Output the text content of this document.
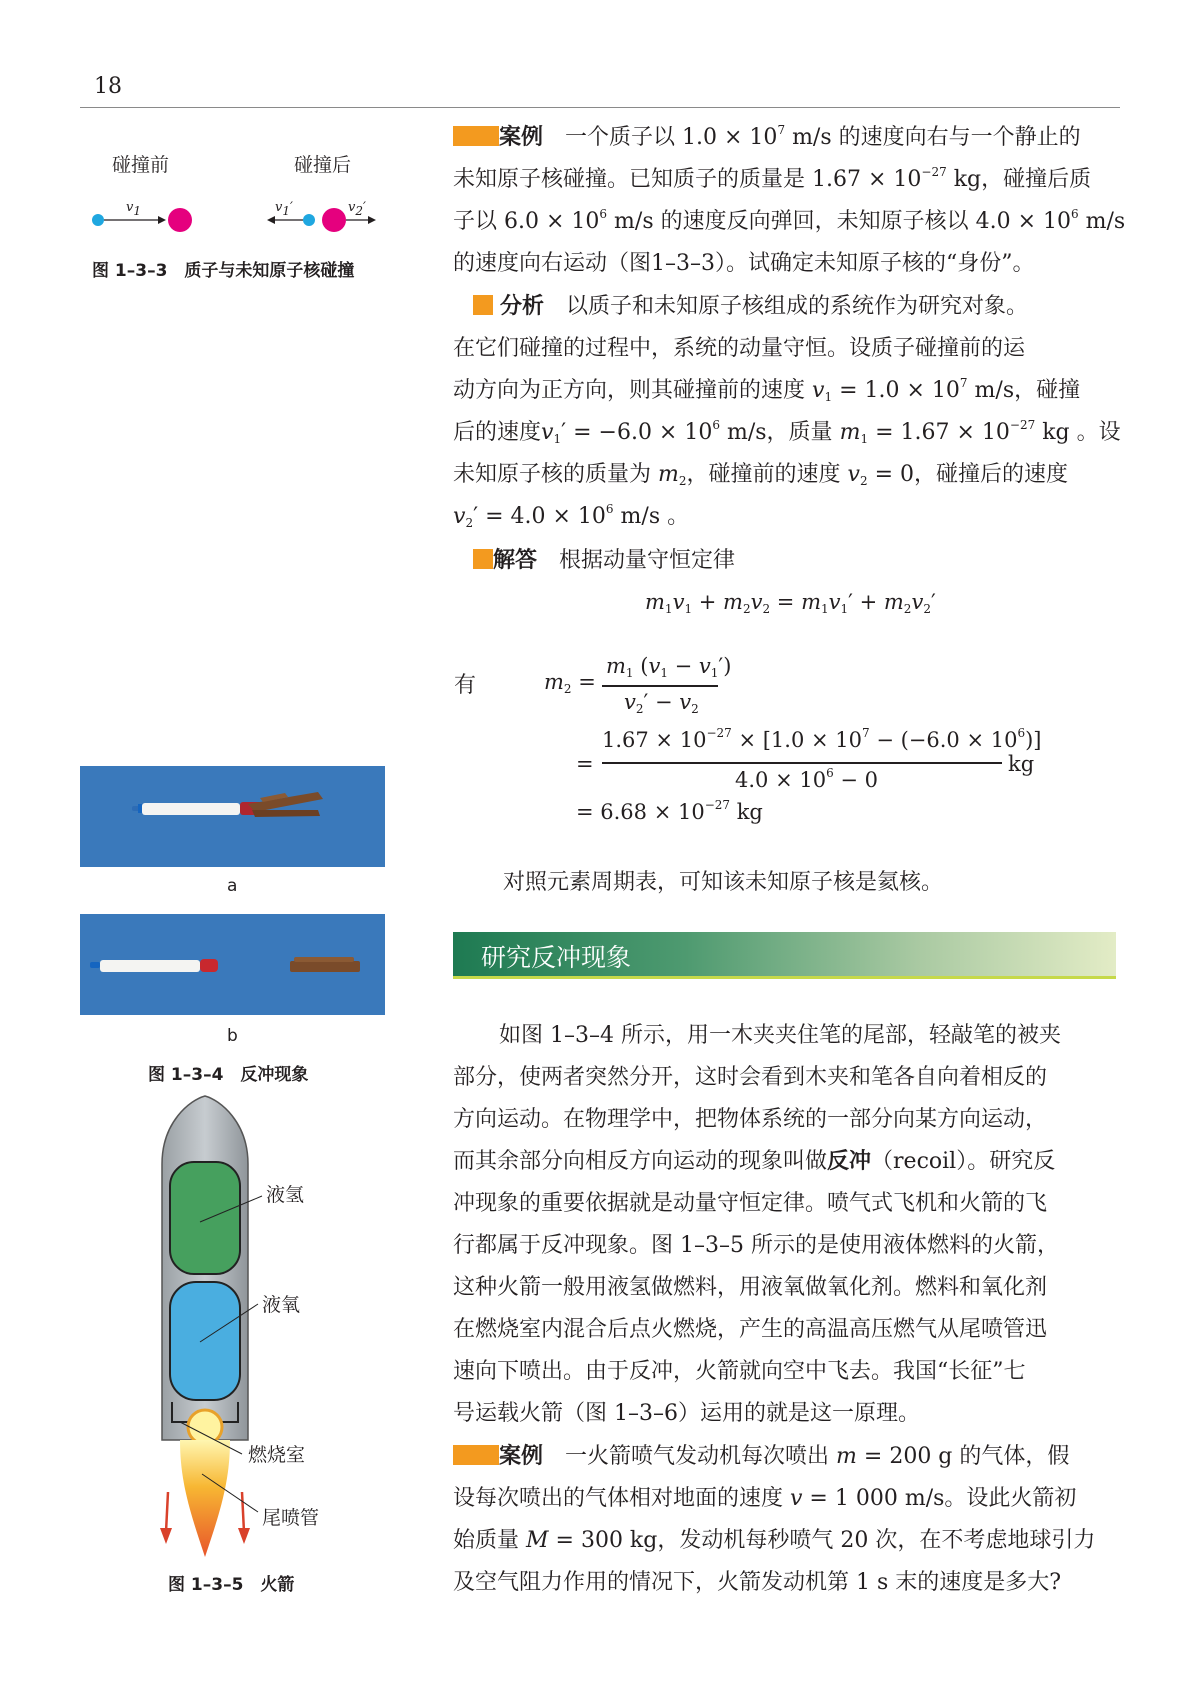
18
碰撞前	碰撞后
$v_1$	$v_1'$	$v_2'$
图 1–3–3　质子与未知原子核碰撞
a
b
图 1–3–4　反冲现象
液氢
液氧
燃烧室
尾喷管
图 1–3–5　火箭

案例　 一个质子以 $1.0 \times 10^7$ m/s 的速度向右与一个静止的

未知原子核碰撞。已知质子的质量是 $1.67 \times 10^{-27}$ kg，碰撞后质

子以 $6.0 \times 10^6$ m/s 的速度反向弹回，未知原子核以 $4.0 \times 10^6$ m/s

的速度向右运动（图1–3–3）。试确定未知原子核的“身份”。

分析　 以质子和未知原子核组成的系统作为研究对象。

在它们碰撞的过程中，系统的动量守恒。设质子碰撞前的运

动方向为正方向，则其碰撞前的速度 $v_1 = 1.0 \times 10^7$ m/s，碰撞

后的速度$v_1' = -6.0 \times 10^6$ m/s，质量 $m_1 = 1.67 \times 10^{-27}$ kg 。设

未知原子核的质量为 $m_2$，碰撞前的速度 $v_2 = 0$，碰撞后的速度

$v_2' = 4.0 \times 10^6$ m/s 。

解答　 根据动量守恒定律

$m_1v_1 + m_2v_2 = m_1v_1' + m_2v_2'$
有	$m_2$ =
$m_1$ $(v_1 - v_1')$
$v_2' - v_2$
=
$1.67 \times 10^{-27} \times [1.0 \times 10^7 - (-6.0 \times 10^6)]$
$4.0 \times 10^6 - 0$
kg
= $6.68 \times 10^{-27}$ kg

对照元素周期表，可知该未知原子核是氦核。

研究反冲现象

如图 1–3–4 所示，用一木夹夹住笔的尾部，轻敲笔的被夹

部分，使两者突然分开，这时会看到木夹和笔各自向着相反的

方向运动。在物理学中，把物体系统的一部分向某方向运动，

而其余部分向相反方向运动的现象叫做反冲（recoil）。研究反

冲现象的重要依据就是动量守恒定律。喷气式飞机和火箭的飞

行都属于反冲现象。图 1–3–5 所示的是使用液体燃料的火箭，

这种火箭一般用液氢做燃料，用液氧做氧化剂。燃料和氧化剂

在燃烧室内混合后点火燃烧，产生的高温高压燃气从尾喷管迅

速向下喷出。由于反冲，火箭就向空中飞去。我国“长征”七

号运载火箭（图 1–3–6）运用的就是这一原理。

案例　 一火箭喷气发动机每次喷出 m = 200 g 的气体，假

设每次喷出的气体相对地面的速度 v = 1 000 m/s。设此火箭初

始质量 M = 300 kg，发动机每秒喷气 20 次，在不考虑地球引力

及空气阻力作用的情况下，火箭发动机第 1 s 末的速度是多大?
